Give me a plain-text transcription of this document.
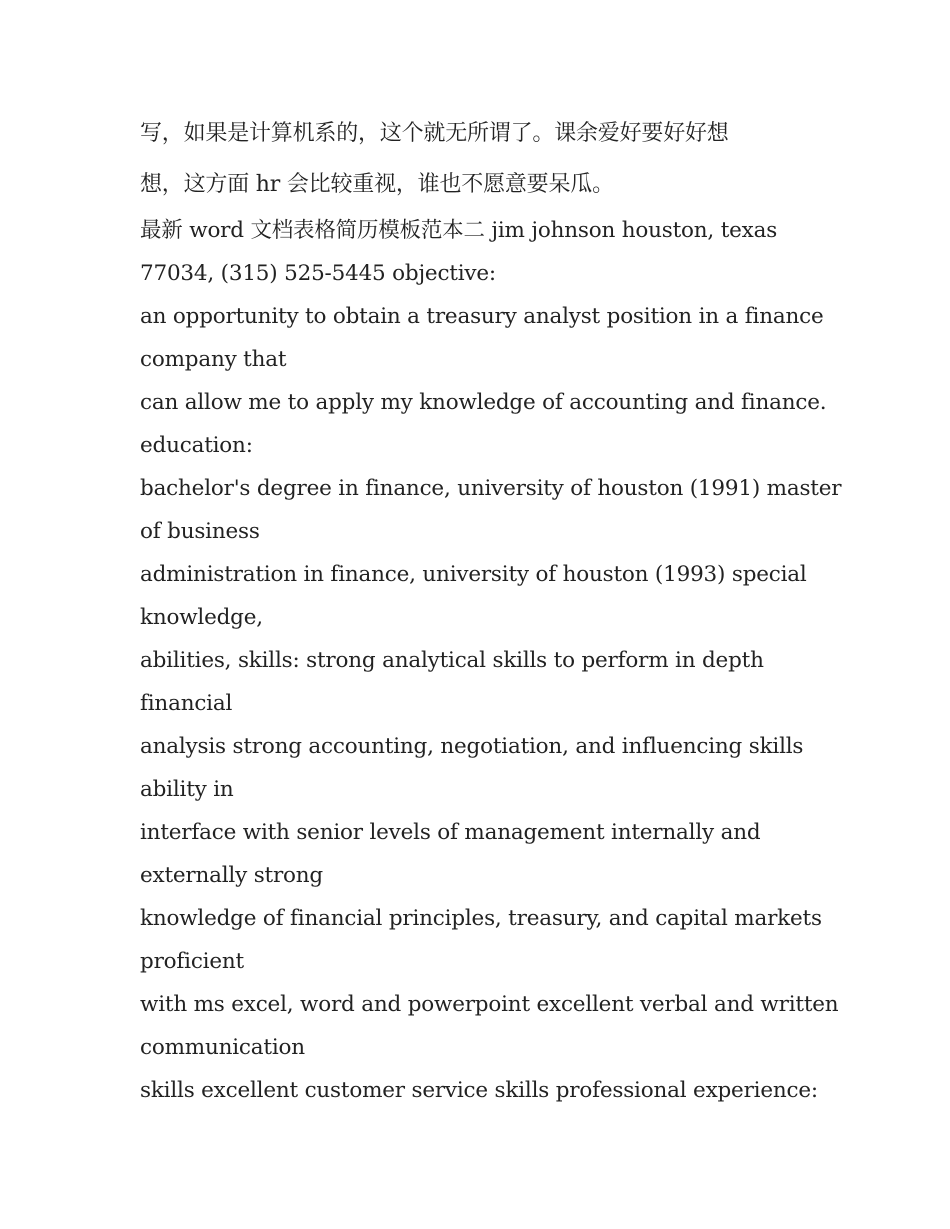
写，如果是计算机系的，这个就无所谓了。课余爱好要好好想
想，这方面 hr 会比较重视，谁也不愿意要呆瓜。
最新 word 文档表格简历模板范本二 jim johnson houston, texas
77034, (315) 525-5445 objective:
an opportunity to obtain a treasury analyst position in a finance
company that
can allow me to apply my knowledge of accounting and finance.
education:
bachelor's degree in finance, university of houston (1991) master
of business
administration in finance, university of houston (1993) special
knowledge,
abilities, skills: strong analytical skills to perform in depth
financial
analysis strong accounting, negotiation, and influencing skills
ability in
interface with senior levels of management internally and
externally strong
knowledge of financial principles, treasury, and capital markets
proficient
with ms excel, word and powerpoint excellent verbal and written
communication
skills excellent customer service skills professional experience:
